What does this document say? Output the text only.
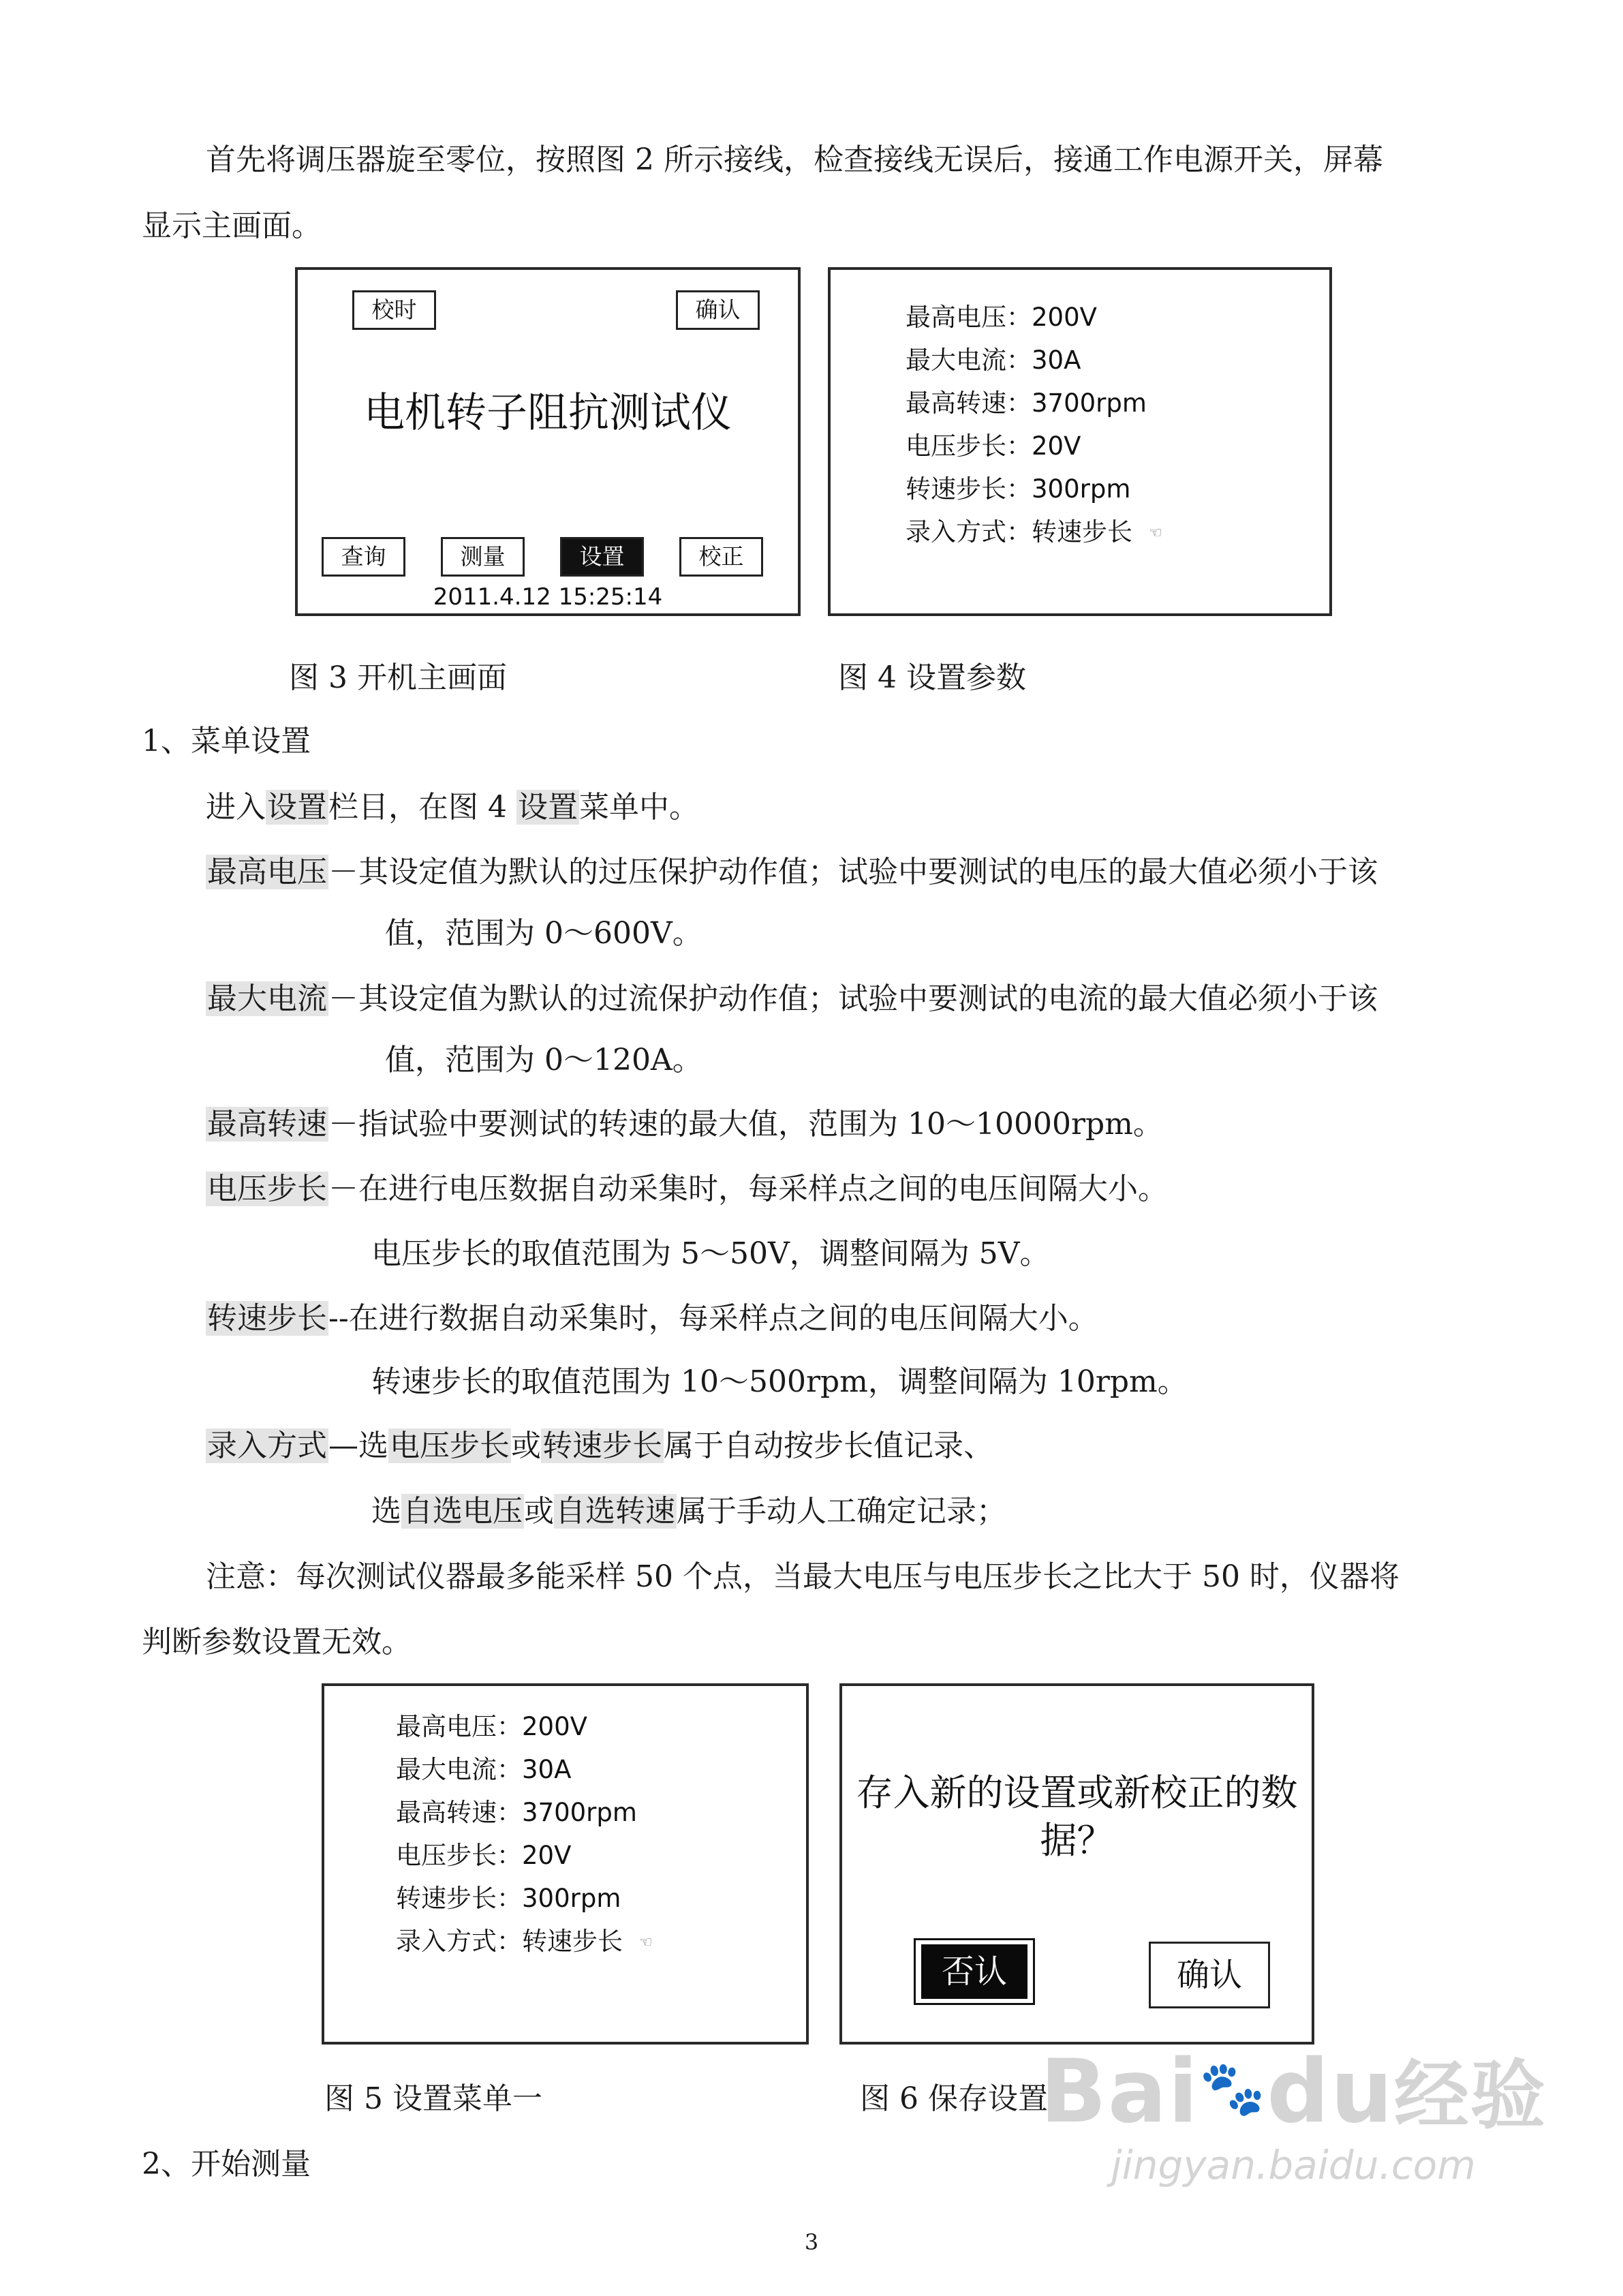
首先将调压器旋至零位，按照图 2 所示接线，检查接线无误后，接通工作电源开关，屏幕

显示主画面。

校时	确认
电机转子阻抗测试仪
查询	测量	设置	校正
2011.4.12 15:25:14
最高电压：200V
最大电流：30A
最高转速：3700rpm
电压步长：20V
转速步长：300rpm
录入方式：转速步长 ☜
图 3 开机主画面	图 4 设置参数

1、菜单设置

进入设置栏目，在图 4 设置菜单中。

最高电压－其设定值为默认的过压保护动作值；试验中要测试的电压的最大值必须小于该

值，范围为 0～600V。

最大电流－其设定值为默认的过流保护动作值；试验中要测试的电流的最大值必须小于该

值，范围为 0～120A。

最高转速－指试验中要测试的转速的最大值，范围为 10～10000rpm。

电压步长－在进行电压数据自动采集时，每采样点之间的电压间隔大小。

电压步长的取值范围为 5～50V，调整间隔为 5V。

转速步长--在进行数据自动采集时，每采样点之间的电压间隔大小。

转速步长的取值范围为 10～500rpm，调整间隔为 10rpm。

录入方式—选电压步长或转速步长属于自动按步长值记录、

选自选电压或自选转速属于手动人工确定记录；

注意：每次测试仪器最多能采样 50 个点，当最大电压与电压步长之比大于 50 时，仪器将

判断参数设置无效。

最高电压：200V
最大电流：30A
最高转速：3700rpm
电压步长：20V
转速步长：300rpm
录入方式：转速步长 ☜
存入新的设置或新校正的数据？
否认	确认
图 5 设置菜单一	图 6 保存设置

2、开始测量

3
Bai🐾du经验
jingyan.baidu.com
